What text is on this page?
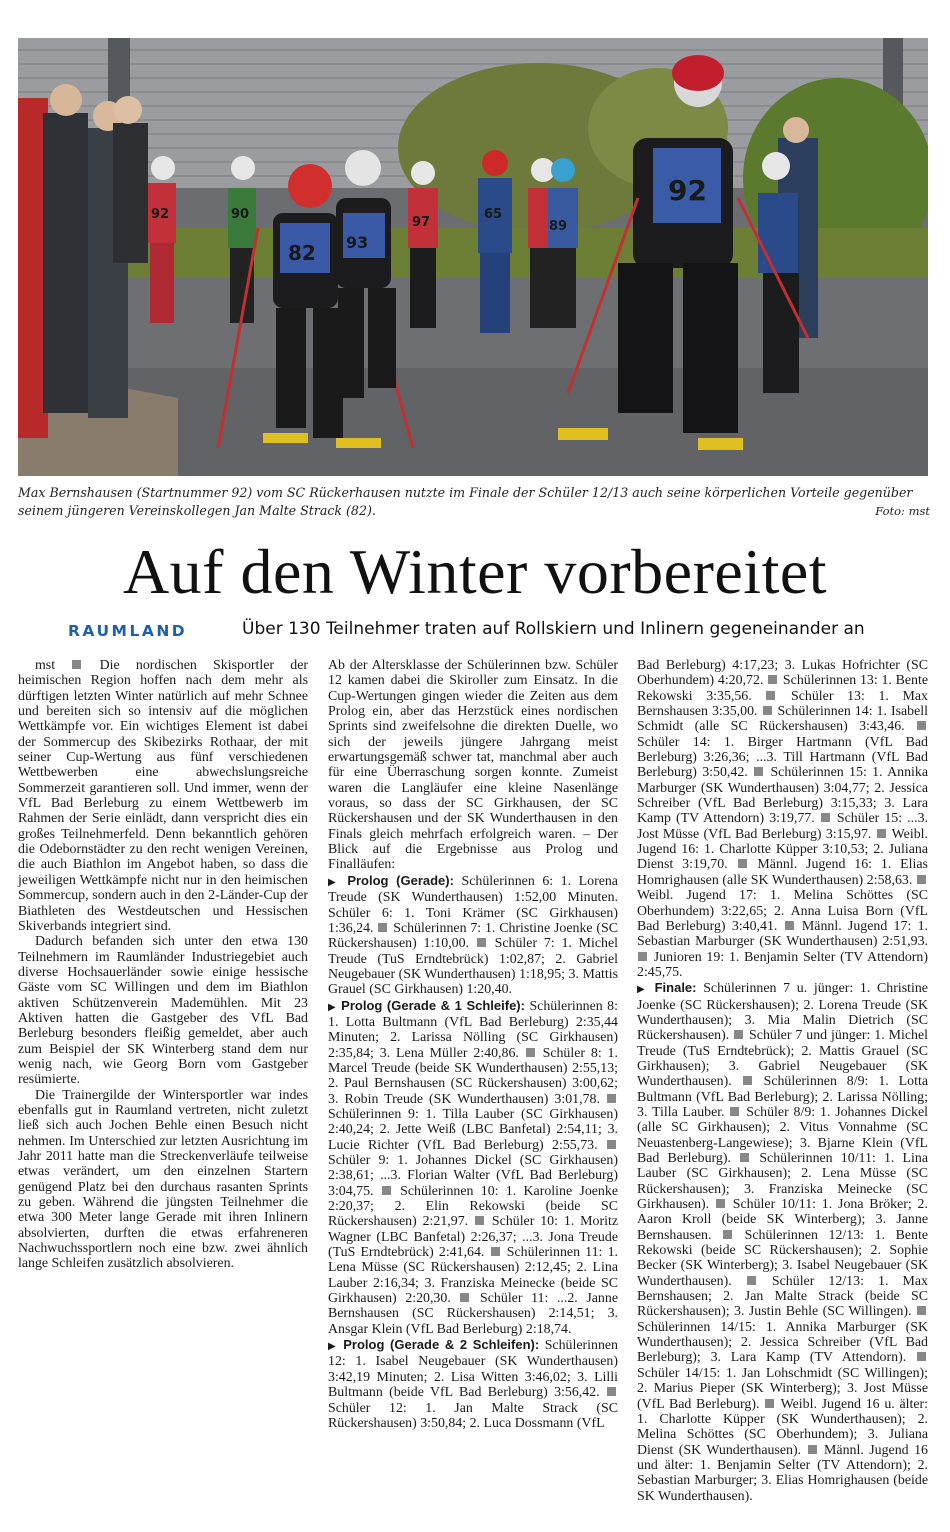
82 93
92
65
89
97
90
92
Max Bernshausen (Startnummer 92) vom SC Rückerhausen nutzte im Finale der Schüler 12/13 auch seine körperlichen Vorteile gegenüber seinem jüngeren Vereinskollegen Jan Malte Strack (82).	Foto: mst
Auf den Winter vorbereitet
RAUMLAND	Über 130 Teilnehmer traten auf Rollskiern und Inlinern gegeneinander an

mst	Die nordischen Skisportler der heimischen Region hoffen nach dem mehr als dürftigen letzten Winter natürlich auf mehr Schnee und bereiten sich so intensiv auf die möglichen Wettkämpfe vor. Ein wichtiges Element ist dabei der Sommercup des Skibezirks Rothaar, der mit seiner Cup-Wertung aus fünf verschiedenen Wettbewerben eine abwechslungsreiche Sommerzeit garantieren soll. Und immer, wenn der VfL Bad Berleburg zu einem Wettbewerb im Rahmen der Serie einlädt, dann verspricht dies ein großes Teilnehmerfeld. Denn bekanntlich gehören die Odebornstädter zu den recht wenigen Vereinen, die auch Biathlon im Angebot haben, so dass die jeweiligen Wettkämpfe nicht nur in den heimischen Sommercup, sondern auch in den 2-Länder-Cup der Biathleten des Westdeutschen und Hessischen Skiverbands integriert sind.

Dadurch befanden sich unter den etwa 130 Teilnehmern im Raumländer Industriegebiet auch diverse Hochsauerländer sowie einige hessische Gäste vom SC Willingen und dem im Biathlon aktiven Schützenverein Mademühlen. Mit 23 Aktiven hatten die Gastgeber des VfL Bad Berleburg besonders fleißig gemeldet, aber auch zum Beispiel der SK Winterberg stand dem nur wenig nach, wie Georg Born vom Gastgeber resümierte.

Die Trainergilde der Wintersportler war indes ebenfalls gut in Raumland vertreten, nicht zuletzt ließ sich auch Jochen Behle einen Besuch nicht nehmen. Im Unterschied zur letzten Ausrichtung im Jahr 2011 hatte man die Streckenverläufe teilweise etwas verändert, um den einzelnen Startern genügend Platz bei den durchaus rasanten Sprints zu geben. Während die jüngsten Teilnehmer die etwa 300 Meter lange Gerade mit ihren Inlinern absolvierten, durften die etwas erfahreneren Nachwuchssportlern noch eine bzw. zwei ähnlich lange Schleifen zusätzlich absolvieren.

Ab der Altersklasse der Schülerinnen bzw. Schüler 12 kamen dabei die Skiroller zum Einsatz. In die Cup-Wertungen gingen wieder die Zeiten aus dem Prolog ein, aber das Herzstück eines nordischen Sprints sind zweifelsohne die direkten Duelle, wo sich der jeweils jüngere Jahrgang meist erwartungsgemäß schwer tat, manchmal aber auch für eine Überraschung sorgen konnte. Zumeist waren die Langläufer eine kleine Nasenlänge voraus, so dass der SC Girkhausen, der SC Rückershausen und der SK Wunderthausen in den Finals gleich mehrfach erfolgreich waren. – Der Blick auf die Ergebnisse aus Prolog und Finalläufen:

▶ Prolog (Gerade): Schülerinnen 6: 1. Lorena Treude (SK Wunderthausen) 1:52,00 Minuten. Schüler 6: 1. Toni Krämer (SC Girkhausen) 1:36,24. Schülerinnen 7: 1. Christine Joenke (SC Rückershausen) 1:10,00. Schüler 7: 1. Michel Treude (TuS Erndtebrück) 1:02,87; 2. Gabriel Neugebauer (SK Wunderthausen) 1:18,95; 3. Mattis Grauel (SC Girkhausen) 1:20,40.

▶ Prolog (Gerade & 1 Schleife): Schülerinnen 8: 1. Lotta Bultmann (VfL Bad Berleburg) 2:35,44 Minuten; 2. Larissa Nölling (SC Girkhausen) 2:35,84; 3. Lena Müller 2:40,86. Schüler 8: 1. Marcel Treude (beide SK Wunderthausen) 2:55,13; 2. Paul Bernshausen (SC Rückershausen) 3:00,62; 3. Robin Treude (SK Wunderthausen) 3:01,78.  Schülerinnen 9: 1. Tilla Lauber (SC Girkhausen) 2:40,24; 2. Jette Weiß (LBC Banfetal) 2:54,11; 3. Lucie Richter (VfL Bad Berleburg) 2:55,73.  Schüler 9: 1. Johannes Dickel (SC Girkhausen) 2:38,61; ...3. Florian Walter (VfL Bad Berleburg) 3:04,75. Schülerinnen 10: 1. Karoline Joenke 2:20,37; 2. Elin Rekowski (beide SC Rückershausen) 2:21,97. Schüler 10: 1. Moritz Wagner (LBC Banfetal) 2:26,37; ...3. Jona Treude (TuS Erndtebrück) 2:41,64. Schülerinnen 11: 1. Lena Müsse (SC Rückershausen) 2:12,45; 2. Lina Lauber 2:16,34; 3. Franziska Meinecke (beide SC Girkhausen) 2:20,30. Schüler 11: ...2. Janne Bernshausen (SC Rückershausen) 2:14,51; 3. Ansgar Klein (VfL Bad Berleburg) 2:18,74.

▶ Prolog (Gerade & 2 Schleifen): Schülerinnen 12: 1. Isabel Neugebauer (SK Wunderthausen) 3:42,19 Minuten; 2. Lisa Witten 3:46,02; 3. Lilli Bultmann (beide VfL Bad Berleburg) 3:56,42.  Schüler 12: 1. Jan Malte Strack (SC Rückershausen) 3:50,84; 2. Luca Dossmann (VfL

Bad Berleburg) 4:17,23; 3. Lukas Hofrichter (SC Oberhundem) 4:20,72. Schülerinnen 13: 1. Bente Rekowski 3:35,56.	Schüler 13: 1. Max Bernshausen 3:35,00. Schülerinnen 14: 1. Isabell Schmidt (alle SC Rückershausen) 3:43,46.  Schüler 14: 1. Birger Hartmann (VfL Bad Berleburg) 3:26,36; ...3. Till Hartmann (VfL Bad Berleburg) 3:50,42. Schülerinnen 15: 1. Annika Marburger (SK Wunderthausen) 3:04,77; 2. Jessica Schreiber (VfL Bad Berleburg) 3:15,33; 3. Lara Kamp (TV Attendorn) 3:19,77. Schüler 15: ...3. Jost Müsse (VfL Bad Berleburg) 3:15,97. Weibl. Jugend 16: 1. Charlotte Küpper 3:10,53; 2. Juliana Dienst 3:19,70. Männl. Jugend 16: 1. Elias Homrighausen (alle SK Wunderthausen) 2:58,63.  Weibl. Jugend 17: 1. Melina Schöttes (SC Oberhundem) 3:22,65; 2. Anna Luisa Born (VfL Bad Berleburg) 3:40,41. Männl. Jugend 17: 1. Sebastian Marburger (SK Wunderthausen) 2:51,93.  Junioren 19: 1. Benjamin Selter (TV Attendorn) 2:45,75.

▶ Finale: Schülerinnen 7 u. jünger: 1. Christine Joenke (SC Rückershausen); 2. Lorena Treude (SK Wunderthausen); 3. Mia Malin Dietrich (SC Rückershausen). Schüler 7 und jünger: 1. Michel Treude (TuS Erndtebrück); 2. Mattis Grauel (SC Girkhausen); 3. Gabriel Neugebauer (SK Wunderthausen). Schülerinnen 8/9: 1. Lotta Bultmann (VfL Bad Berleburg); 2. Larissa Nölling; 3. Tilla Lauber. Schüler 8/9: 1. Johannes Dickel (alle SC Girkhausen); 2. Vitus Vonnahme (SC Neuastenberg-Langewiese); 3. Bjarne Klein (VfL Bad Berleburg). Schülerinnen 10/11: 1. Lina Lauber (SC Girkhausen); 2. Lena Müsse (SC Rückershausen); 3. Franziska Meinecke (SC Girkhausen). Schüler 10/11: 1. Jona Bröker; 2. Aaron Kroll (beide SK Winterberg); 3. Janne Bernshausen. Schülerinnen 12/13: 1. Bente Rekowski (beide SC Rückershausen); 2. Sophie Becker (SK Winterberg); 3. Isabel Neugebauer (SK Wunderthausen).	Schüler 12/13: 1. Max Bernshausen; 2. Jan Malte Strack (beide SC Rückershausen); 3. Justin Behle (SC Willingen).  Schülerinnen 14/15: 1. Annika Marburger (SK Wunderthausen); 2. Jessica Schreiber (VfL Bad Berleburg); 3. Lara Kamp (TV Attendorn).  Schüler 14/15: 1. Jan Lohschmidt (SC Willingen); 2. Marius Pieper (SK Winterberg); 3. Jost Müsse (VfL Bad Berleburg). Weibl. Jugend 16 u. älter: 1. Charlotte Küpper (SK Wunderthausen); 2. Melina Schöttes (SC Oberhundem); 3. Juliana Dienst (SK Wunderthausen). Männl. Jugend 16 und älter: 1. Benjamin Selter (TV Attendorn); 2. Sebastian Marburger; 3. Elias Homrighausen (beide SK Wunderthausen).
